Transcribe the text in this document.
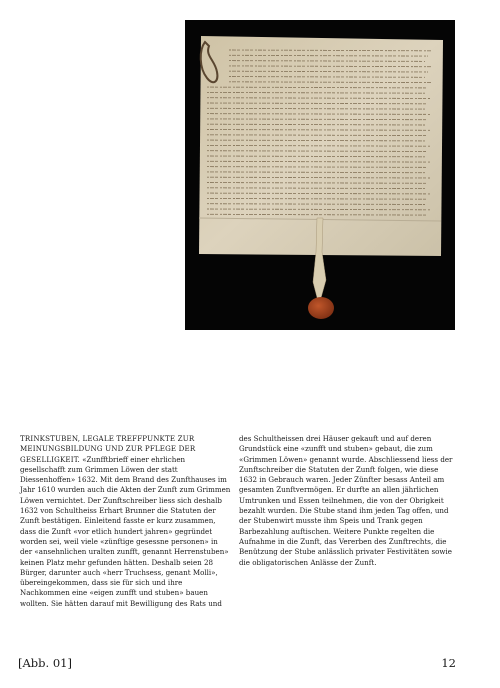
TRINKSTUBEN, LEGALE TREFFPUNKTE ZUR MEINUNGSBILDUNG UND ZUR PFLEGE DER GESELLIGKEIT. «Zunfftbrieff einer ehrlichen gesellschafft zum Grimmen Löwen der statt Diessenhoffen» 1632. Mit dem Brand des Zunfthauses im Jahr 1610 wurden auch die Akten der Zunft zum Grimmen Löwen vernichtet. Der Zunftschreiber liess sich deshalb 1632 von Schultheiss Erhart Brunner die Statuten der Zunft bestätigen. Einleitend fasste er kurz zusammen, dass die Zunft «vor etlich hundert jahren» gegründet worden sei, weil viele «zünftige gesessne personen» in der «ansehnlichen uralten zunfft, genannt Herrenstuben» keinen Platz mehr gefunden hätten. Deshalb seien 28 Bürger, darunter auch «herr Truchsess, genant Molli», übereingekommen, dass sie für sich und ihre Nachkommen eine «eigen zunfft und stuben» bauen wollten. Sie hätten darauf mit Bewilligung des Rats und

des Schultheissen drei Häuser gekauft und auf deren Grundstück eine «zunfft und stuben» gebaut, die zum «Grimmen Löwen» genannt wurde. Abschliessend liess der Zunftschreiber die Statuten der Zunft folgen, wie diese 1632 in Gebrauch waren. Jeder Zünfter besass Anteil am gesamten Zunftvermögen. Er durfte an allen jährlichen Umtrunken und Essen teilnehmen, die von der Obrigkeit bezahlt wurden. Die Stube stand ihm jeden Tag offen, und der Stubenwirt musste ihm Speis und Trank gegen Barbezahlung auftischen. Weitere Punkte regelten die Aufnahme in die Zunft, das Vererben des Zunftrechts, die Benützung der Stube anlässlich privater Festivitäten sowie die obligatorischen Anlässe der Zunft.

[Abb. 01]	12
